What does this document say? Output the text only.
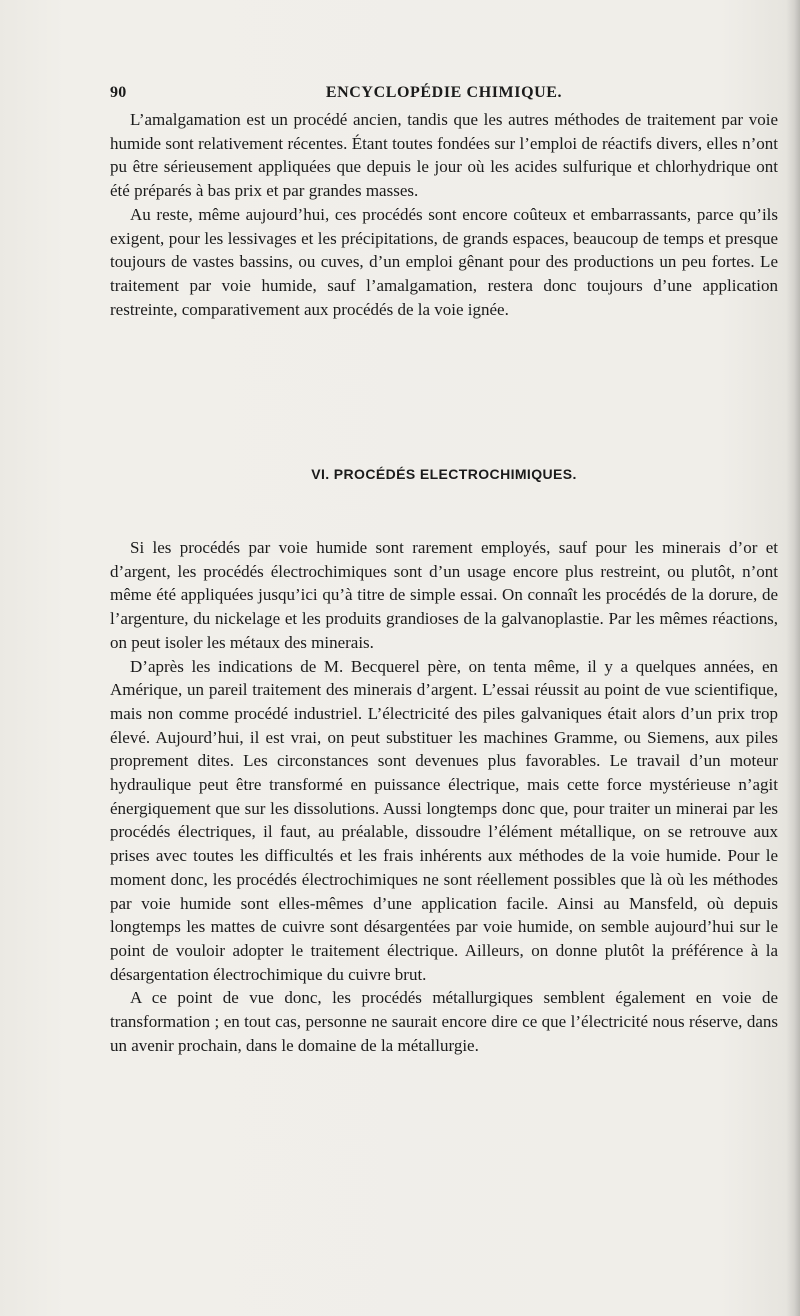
90	ENCYCLOPÉDIE CHIMIQUE.

L’amalgamation est un procédé ancien, tandis que les autres méthodes de traitement par voie humide sont relativement récentes. Étant toutes fondées sur l’emploi de réactifs divers, elles n’ont pu être sérieusement appliquées que depuis le jour où les acides sulfurique et chlorhydrique ont été préparés à bas prix et par grandes masses.

Au reste, même aujourd’hui, ces procédés sont encore coûteux et embarrassants, parce qu’ils exigent, pour les lessivages et les précipitations, de grands espaces, beaucoup de temps et presque toujours de vastes bassins, ou cuves, d’un emploi gênant pour des productions un peu fortes. Le traitement par voie humide, sauf l’amalgamation, restera donc toujours d’une application restreinte, comparativement aux procédés de la voie ignée.

VI. PROCÉDÉS ELECTROCHIMIQUES.

Si les procédés par voie humide sont rarement employés, sauf pour les minerais d’or et d’argent, les procédés électrochimiques sont d’un usage encore plus restreint, ou plutôt, n’ont même été appliquées jusqu’ici qu’à titre de simple essai. On connaît les procédés de la dorure, de l’argenture, du nickelage et les produits grandioses de la galvanoplastie. Par les mêmes réactions, on peut isoler les métaux des minerais.

D’après les indications de M. Becquerel père, on tenta même, il y a quelques années, en Amérique, un pareil traitement des minerais d’argent. L’essai réussit au point de vue scientifique, mais non comme procédé industriel. L’électricité des piles galvaniques était alors d’un prix trop élevé. Aujourd’hui, il est vrai, on peut substituer les machines Gramme, ou Siemens, aux piles proprement dites. Les circonstances sont devenues plus favorables. Le travail d’un moteur hydraulique peut être transformé en puissance électrique, mais cette force mystérieuse n’agit énergiquement que sur les dissolutions. Aussi longtemps donc que, pour traiter un minerai par les procédés électriques, il faut, au préalable, dissoudre l’élément métallique, on se retrouve aux prises avec toutes les difficultés et les frais inhérents aux méthodes de la voie humide. Pour le moment donc, les procédés électrochimiques ne sont réellement possibles que là où les méthodes par voie humide sont elles-mêmes d’une application facile. Ainsi au Mansfeld, où depuis longtemps les mattes de cuivre sont désargentées par voie humide, on semble aujourd’hui sur le point de vouloir adopter le traitement électrique. Ailleurs, on donne plutôt la préférence à la désargentation électrochimique du cuivre brut.

A ce point de vue donc, les procédés métallurgiques semblent également en voie de transformation ; en tout cas, personne ne saurait encore dire ce que l’électricité nous réserve, dans un avenir prochain, dans le domaine de la métallurgie.
